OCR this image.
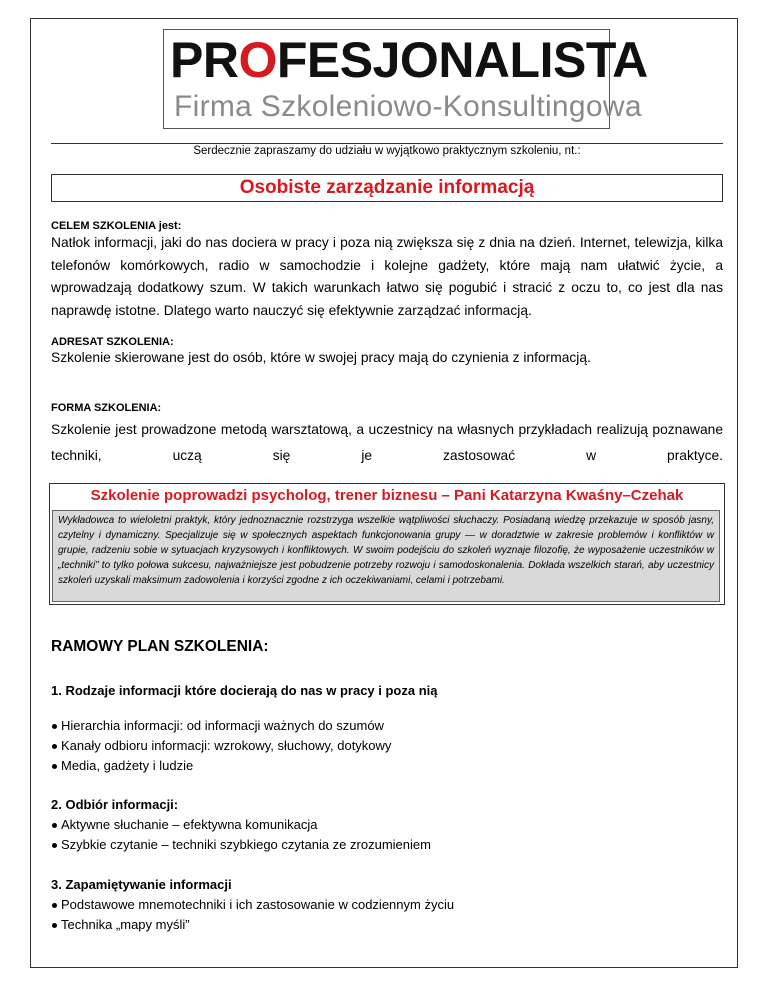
PROFESJONALISTA
Firma Szkoleniowo-Konsultingowa
Serdecznie zapraszamy do udziału w wyjątkowo praktycznym szkoleniu, nt.:
Osobiste zarządzanie informacją
CELEM SZKOLENIA jest:
Natłok informacji, jaki do nas dociera w pracy i poza nią zwiększa się z dnia na dzień. Internet, telewizja, kilka telefonów komórkowych, radio w samochodzie i kolejne gadżety, które mają nam ułatwić życie, a wprowadzają dodatkowy szum. W takich warunkach łatwo się pogubić i stracić z oczu to, co jest dla nas naprawdę istotne. Dlatego warto nauczyć się efektywnie zarządzać informacją.
ADRESAT SZKOLENIA:
Szkolenie skierowane jest do osób, które w swojej pracy mają do czynienia z informacją.
FORMA SZKOLENIA:
Szkolenie jest prowadzone metodą warsztatową, a uczestnicy na własnych przykładach realizują poznawane techniki, uczą się je zastosować w praktyce.
Szkolenie poprowadzi psycholog, trener biznesu – Pani Katarzyna Kwaśny–Czehak
Wykładowca to wieloletni praktyk, który jednoznacznie rozstrzyga wszelkie wątpliwości słuchaczy. Posiadaną wiedzę przekazuje w sposób jasny, czytelny i dynamiczny. Specjalizuje się w społecznych aspektach funkcjonowania grupy — w doradztwie w zakresie problemów i konfliktów w grupie, radzeniu sobie w sytuacjach kryzysowych i konfliktowych. W swoim podejściu do szkoleń wyznaje filozofię, że wyposażenie uczestników w „techniki” to tylko połowa sukcesu, najważniejsze jest pobudzenie potrzeby rozwoju i samodoskonalenia. Dokłada wszelkich starań, aby uczestnicy szkoleń uzyskali maksimum zadowolenia i korzyści zgodne z ich oczekiwaniami, celami i potrzebami.
RAMOWY PLAN SZKOLENIA:
1. Rodzaje informacji które docierają do nas w pracy i poza nią
Hierarchia informacji: od informacji ważnych do szumów
Kanały odbioru informacji: wzrokowy, słuchowy, dotykowy
Media, gadżety i ludzie
2. Odbiór informacji:
Aktywne słuchanie – efektywna komunikacja
Szybkie czytanie – techniki szybkiego czytania ze zrozumieniem
3. Zapamiętywanie informacji
Podstawowe mnemotechniki i ich zastosowanie w codziennym życiu
Technika „mapy myśli”
